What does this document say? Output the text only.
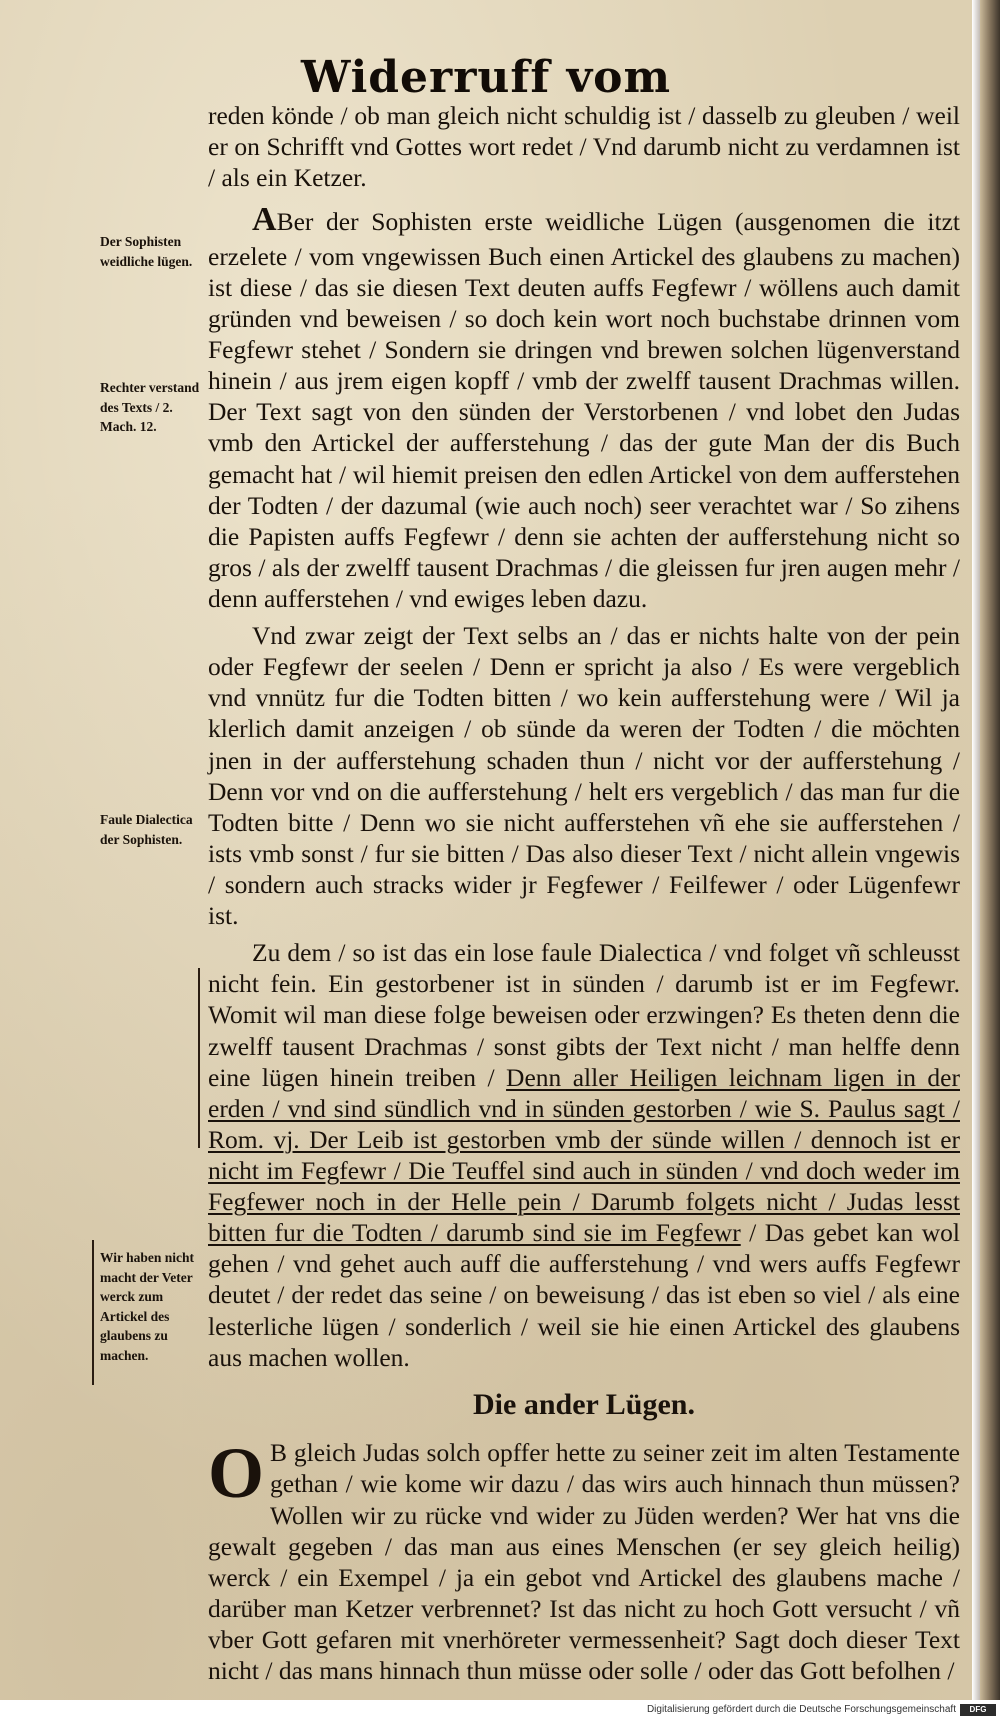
Widerruff vom
Der Sophisten weidliche lügen.
Rechter verstand des Texts / 2. Mach. 12.
Faule Dialectica der Sophisten.
Wir haben nicht macht der Veter werck zum Artickel des glaubens zu machen.

reden könde / ob man gleich nicht schuldig ist / dasselb zu gleuben / weil er on Schrifft vnd Gottes wort redet / Vnd darumb nicht zu verdamnen ist / als ein Ketzer.

ABer der Sophisten erste weidliche Lügen (ausgenomen die itzt erzelete / vom vngewissen Buch einen Artickel des glaubens zu machen) ist diese / das sie diesen Text deuten auffs Fegfewr / wöllens auch damit gründen vnd beweisen / so doch kein wort noch buchstabe drinnen vom Fegfewr stehet / Sondern sie dringen vnd brewen solchen lügenverstand hinein / aus jrem eigen kopff / vmb der zwelff tausent Drachmas willen. Der Text sagt von den sünden der Verstorbenen / vnd lobet den Judas vmb den Artickel der aufferstehung / das der gute Man der dis Buch gemacht hat / wil hiemit preisen den edlen Artickel von dem aufferstehen der Todten / der dazumal (wie auch noch) seer verachtet war / So zihens die Papisten auffs Fegfewr / denn sie achten der aufferstehung nicht so gros / als der zwelff tausent Drachmas / die gleissen fur jren augen mehr / denn aufferstehen / vnd ewiges leben dazu.

Vnd zwar zeigt der Text selbs an / das er nichts halte von der pein oder Fegfewr der seelen / Denn er spricht ja also / Es were vergeblich vnd vnnütz fur die Todten bitten / wo kein aufferstehung were / Wil ja klerlich damit anzeigen / ob sünde da weren der Todten / die möchten jnen in der aufferstehung schaden thun / nicht vor der aufferstehung / Denn vor vnd on die aufferstehung / helt ers vergeblich / das man fur die Todten bitte / Denn wo sie nicht aufferstehen vñ ehe sie aufferstehen / ists vmb sonst / fur sie bitten / Das also dieser Text / nicht allein vngewis / sondern auch stracks wider jr Fegfewer / Feilfewer / oder Lügenfewr ist.

Zu dem / so ist das ein lose faule Dialectica / vnd folget vñ schleusst nicht fein. Ein gestorbener ist in sünden / darumb ist er im Fegfewr. Womit wil man diese folge beweisen oder erzwingen? Es theten denn die zwelff tausent Drachmas / sonst gibts der Text nicht / man helffe denn eine lügen hinein treiben / Denn aller Heiligen leichnam ligen in der erden / vnd sind sündlich vnd in sünden gestorben / wie S. Paulus sagt / Rom. vj. Der Leib ist gestorben vmb der sünde willen / dennoch ist er nicht im Fegfewr / Die Teuffel sind auch in sünden / vnd doch weder im Fegfewer noch in der Helle pein / Darumb folgets nicht / Judas lesst bitten fur die Todten / darumb sind sie im Fegfewr / Das gebet kan wol gehen / vnd gehet auch auff die aufferstehung / vnd wers auffs Fegfewr deutet / der redet das seine / on beweisung / das ist eben so viel / als eine lesterliche lügen / sonderlich / weil sie hie einen Artickel des glaubens aus machen wollen.

Die ander Lügen.

O B gleich Judas solch opffer hette zu seiner zeit im alten Testamente gethan / wie kome wir dazu / das wirs auch hinnach thun müssen? Wollen wir zu rücke vnd wider zu Jüden werden? Wer hat vns die gewalt gegeben / das man aus eines Menschen (er sey gleich heilig) werck / ein Exempel / ja ein gebot vnd Artickel des glaubens mache / darüber man Ketzer verbrennet? Ist das nicht zu hoch Gott versucht / vñ vber Gott gefaren mit vnerhöreter vermessenheit? Sagt doch dieser Text nicht / das mans hinnach thun müsse oder solle / oder das Gott befolhen /

Digitalisierung gefördert durch die Deutsche Forschungsgemeinschaft	DFG
